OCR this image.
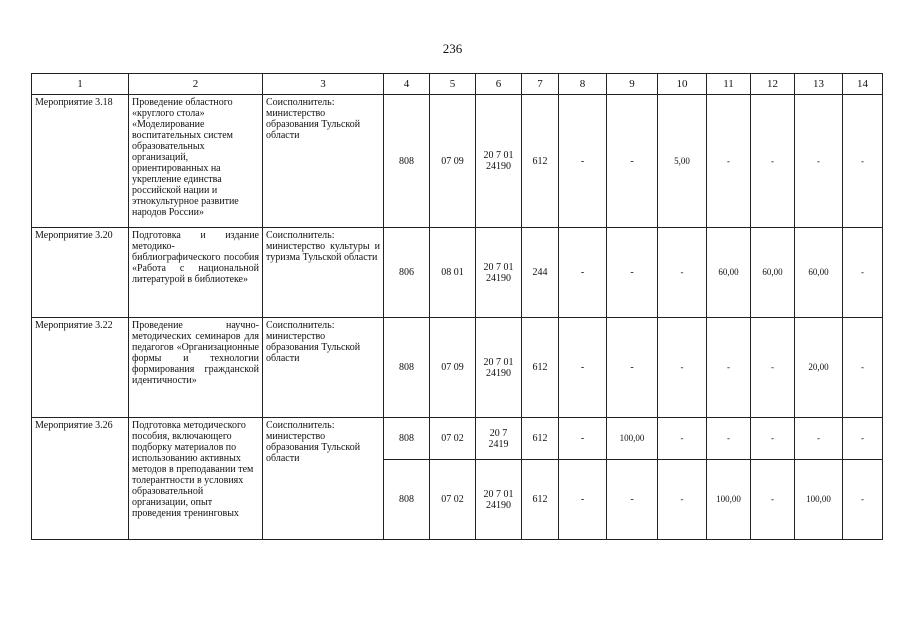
236
1	2	3	4	5	6	7	8	9	10	11	12	13	14
Мероприятие 3.18	Проведение областного «круглого стола» «Моделирование воспитательных систем образовательных организаций, ориентированных на укрепление единства российской нации и этнокультурное развитие народов России»	Соисполнитель: министерство образования Тульской области	808	07 09	20 7 01 24190	612	-	-	5,00	-	-	-	-
Мероприятие 3.20	Подготовка и издание методико-библиографического пособия «Работа с национальной литературой в библиотеке»	Соисполнитель: министерство культуры и туризма Тульской области	806	08 01	20 7 01 24190	244	-	-	-	60,00	60,00	60,00	-
Мероприятие 3.22	Проведение научно-методических семинаров для педагогов «Организационные формы и технологии формирования гражданской идентичности»	Соисполнитель: министерство образования Тульской области	808	07 09	20 7 01 24190	612	-	-	-	-	-	20,00	-
Мероприятие 3.26	Подготовка методического пособия, включающего подборку материалов по использованию активных методов в преподавании тем толерантности в условиях образовательной организации, опыт проведения тренинговых	Соисполнитель: министерство образования Тульской области	808	07 02	20 7 2419	612	-	100,00	-	-	-	-	-
			808	07 02	20 7 01 24190	612	-	-	-	100,00	-	100,00	-
